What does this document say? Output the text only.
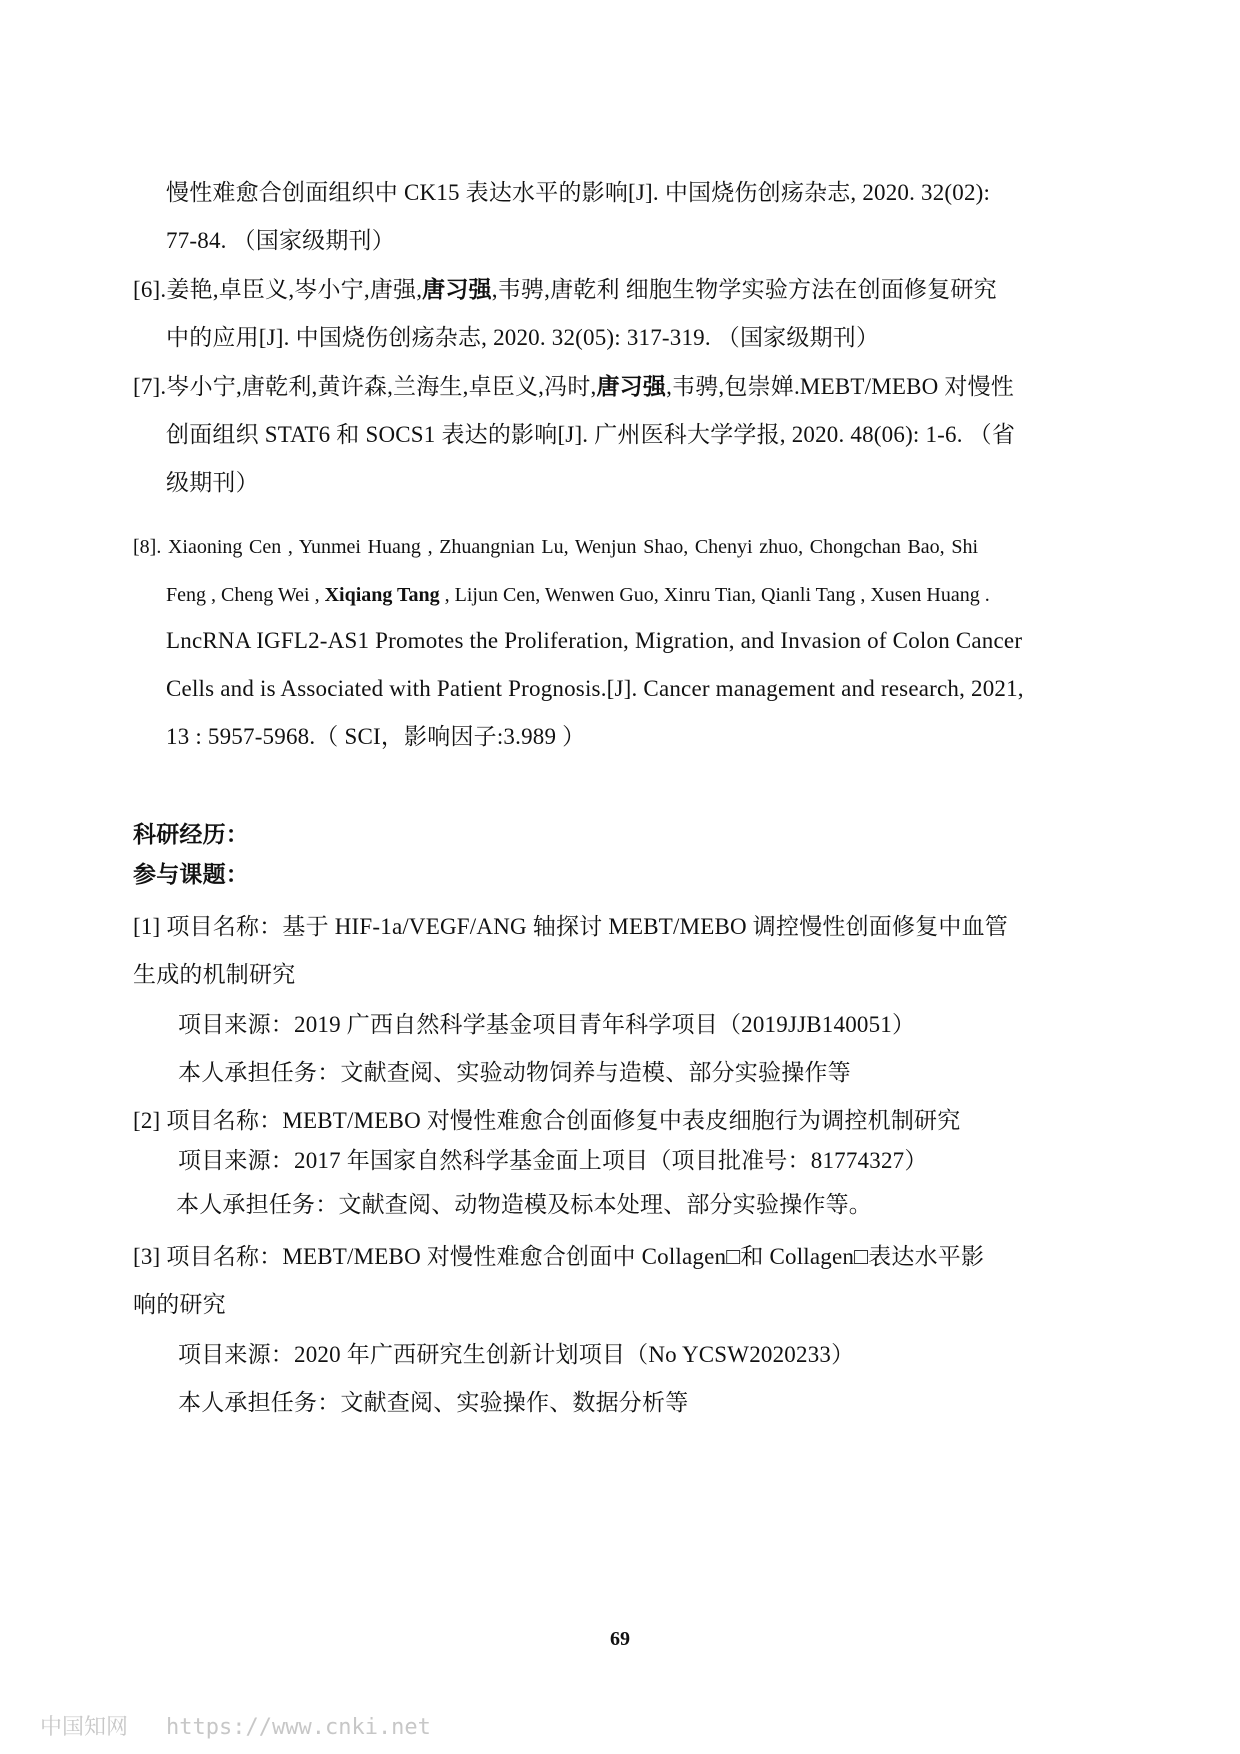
慢性难愈合创面组织中 CK15 表达水平的影响[J]. 中国烧伤创疡杂志, 2020. 32(02):
77-84. （国家级期刊）
[6].姜艳,卓臣义,岑小宁,唐强,唐习强,韦骋,唐乾利 细胞生物学实验方法在创面修复研究
中的应用[J]. 中国烧伤创疡杂志, 2020. 32(05): 317-319. （国家级期刊）
[7].岑小宁,唐乾利,黄许森,兰海生,卓臣义,冯时,唐习强,韦骋,包崇婵.MEBT/MEBO 对慢性
创面组织 STAT6 和 SOCS1 表达的影响[J]. 广州医科大学学报, 2020. 48(06): 1-6. （省
级期刊）
[8]. Xiaoning Cen , Yunmei Huang , Zhuangnian Lu, Wenjun Shao, Chenyi zhuo, Chongchan Bao, Shi
Feng , Cheng Wei , Xiqiang Tang , Lijun Cen, Wenwen Guo, Xinru Tian, Qianli Tang , Xusen Huang .
LncRNA IGFL2-AS1 Promotes the Proliferation, Migration, and Invasion of Colon Cancer
Cells and is Associated with Patient Prognosis.[J]. Cancer management and research, 2021,
13 : 5957-5968.（ SCI，影响因子:3.989 ）
科研经历：
参与课题：
[1] 项目名称：基于 HIF-1a/VEGF/ANG 轴探讨 MEBT/MEBO 调控慢性创面修复中血管
生成的机制研究
项目来源：2019 广西自然科学基金项目青年科学项目（2019JJB140051）
本人承担任务：文献查阅、实验动物饲养与造模、部分实验操作等
[2] 项目名称：MEBT/MEBO 对慢性难愈合创面修复中表皮细胞行为调控机制研究
项目来源：2017 年国家自然科学基金面上项目（项目批准号：81774327）
本人承担任务：文献查阅、动物造模及标本处理、部分实验操作等。
[3] 项目名称：MEBT/MEBO 对慢性难愈合创面中 Collagen□和 Collagen□表达水平影
响的研究
项目来源：2020 年广西研究生创新计划项目（No YCSW2020233）
本人承担任务：文献查阅、实验操作、数据分析等
69
中国知网 https://www.cnki.net
